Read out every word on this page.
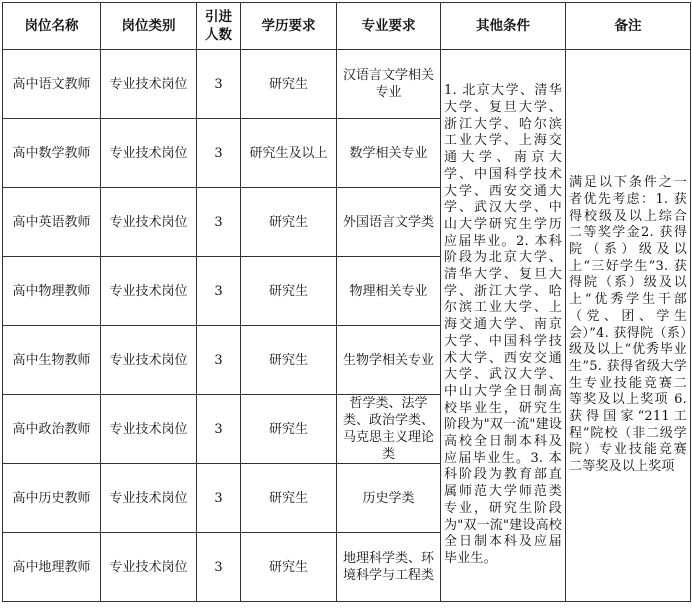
岗位名称	岗位类别	引进人数	学历要求	专业要求	其他条件	备注
高中语文教师	专业技术岗位	3	研究生	汉语言文学相关专业	1. 北京大学、清华大学、复旦大学、浙江大学、哈尔滨工业大学、上海交通大学、南京大学、中国科学技术大学、西安交通大学、武汉大学、中山大学研究生学历应届毕业。2. 本科阶段为北京大学、清华大学、复旦大学、浙江大学、哈尔滨工业大学、上海交通大学、南京大学、中国科学技术大学、西安交通大学、武汉大学、中山大学全日制高校毕业生，研究生阶段为"双一流"建设高校全日制本科及应届毕业生。3. 本科阶段为教育部直属师范大学师范类专业，研究生阶段为"双一流"建设高校全日制本科及应届毕业生。	满足以下条件之一者优先考虑：1. 获得校级及以上综合二等奖学金2. 获得院（系）级及以上“三好学生”3. 获得院（系）级及以上“优秀学生干部（党、团、学生会）”4. 获得院（系）级及以上“优秀毕业生”5. 获得省级大学生专业技能竞赛二等奖及以上奖项 6. 获得国家“211工程”院校（非二级学院）专业技能竞赛二等奖及以上奖项
高中数学教师	专业技术岗位	3	研究生及以上	数学相关专业		
高中英语教师	专业技术岗位	3	研究生	外国语言文学类		
高中物理教师	专业技术岗位	3	研究生	物理相关专业		
高中生物教师	专业技术岗位	3	研究生	生物学相关专业		
高中政治教师	专业技术岗位	3	研究生	哲学类、法学类、政治学类、马克思主义理论类		
高中历史教师	专业技术岗位	3	研究生	历史学类		
高中地理教师	专业技术岗位	3	研究生	地理科学类、环境科学与工程类		
